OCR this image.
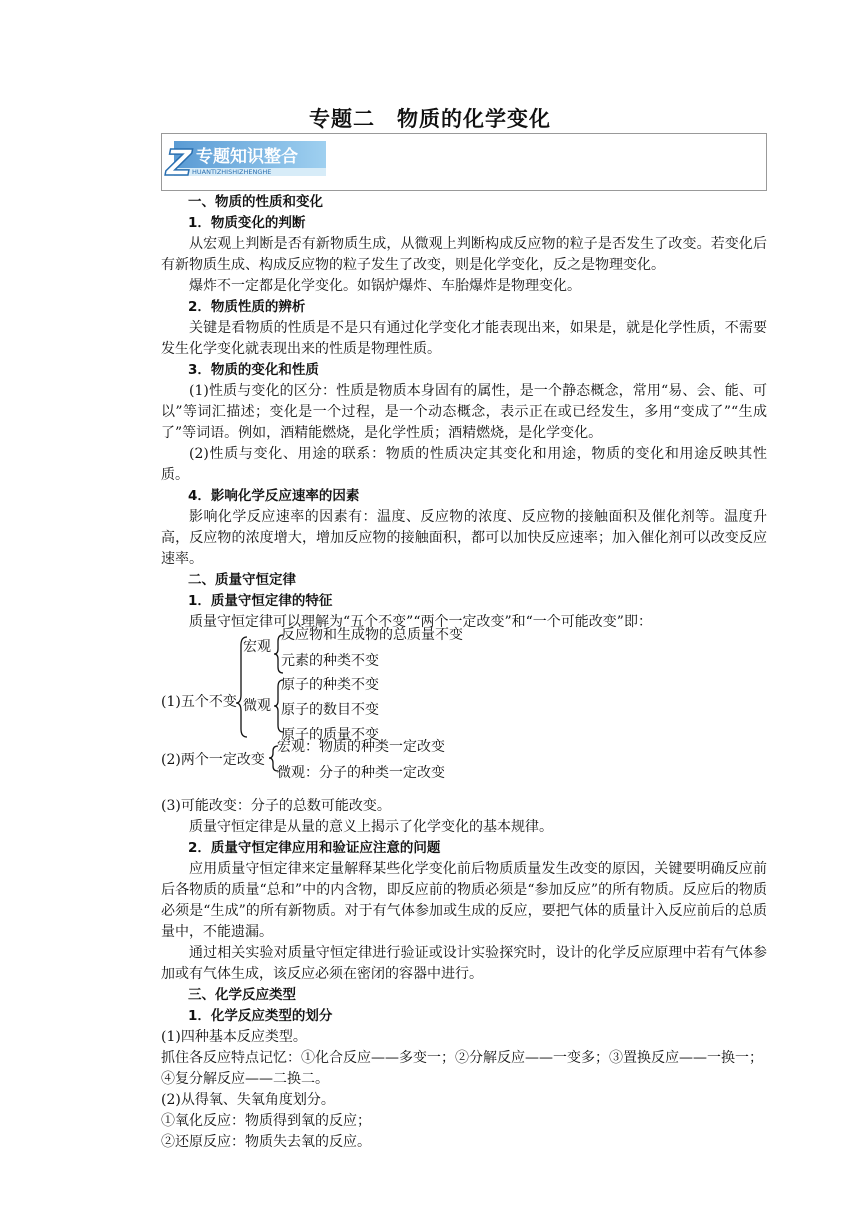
专题二　物质的化学变化
Z 专题知识整合
HUANTIZHISHIZHENGHE

一、物质的性质和变化

1．物质变化的判断

从宏观上判断是否有新物质生成，从微观上判断构成反应物的粒子是否发生了改变。若变化后有新物质生成、构成反应物的粒子发生了改变，则是化学变化，反之是物理变化。

爆炸不一定都是化学变化。如锅炉爆炸、车胎爆炸是物理变化。

2．物质性质的辨析

关键是看物质的性质是不是只有通过化学变化才能表现出来，如果是，就是化学性质，不需要发生化学变化就表现出来的性质是物理性质。

3．物质的变化和性质

(1)性质与变化的区分：性质是物质本身固有的属性，是一个静态概念，常用“易、会、能、可以”等词汇描述；变化是一个过程，是一个动态概念，表示正在或已经发生，多用“变成了”“生成了”等词语。例如，酒精能燃烧，是化学性质；酒精燃烧，是化学变化。

(2)性质与变化、用途的联系：物质的性质决定其变化和用途，物质的变化和用途反映其性质。

4．影响化学反应速率的因素

影响化学反应速率的因素有：温度、反应物的浓度、反应物的接触面积及催化剂等。温度升高，反应物的浓度增大，增加反应物的接触面积，都可以加快反应速率；加入催化剂可以改变反应速率。

二、质量守恒定律

1．质量守恒定律的特征

质量守恒定律可以理解为“五个不变”“两个一定改变”和“一个可能改变”即：

宏观
反应物和生成物的总质量不变
元素的种类不变
(1)五个不变 微观
原子的种类不变
原子的数目不变
原子的质量不变
(2)两个一定改变
宏观：物质的种类一定改变
微观：分子的种类一定改变

(3)可能改变：分子的总数可能改变。

质量守恒定律是从量的意义上揭示了化学变化的基本规律。

2．质量守恒定律应用和验证应注意的问题

应用质量守恒定律来定量解释某些化学变化前后物质质量发生改变的原因，关键要明确反应前后各物质的质量“总和”中的内含物，即反应前的物质必须是“参加反应”的所有物质。反应后的物质必须是“生成”的所有新物质。对于有气体参加或生成的反应，要把气体的质量计入反应前后的总质量中，不能遗漏。

通过相关实验对质量守恒定律进行验证或设计实验探究时，设计的化学反应原理中若有气体参加或有气体生成，该反应必须在密闭的容器中进行。

三、化学反应类型

1．化学反应类型的划分

(1)四种基本反应类型。

抓住各反应特点记忆：①化合反应——多变一；②分解反应——一变多；③置换反应——一换一；④复分解反应——二换二。

(2)从得氧、失氧角度划分。

①氧化反应：物质得到氧的反应；

②还原反应：物质失去氧的反应。
